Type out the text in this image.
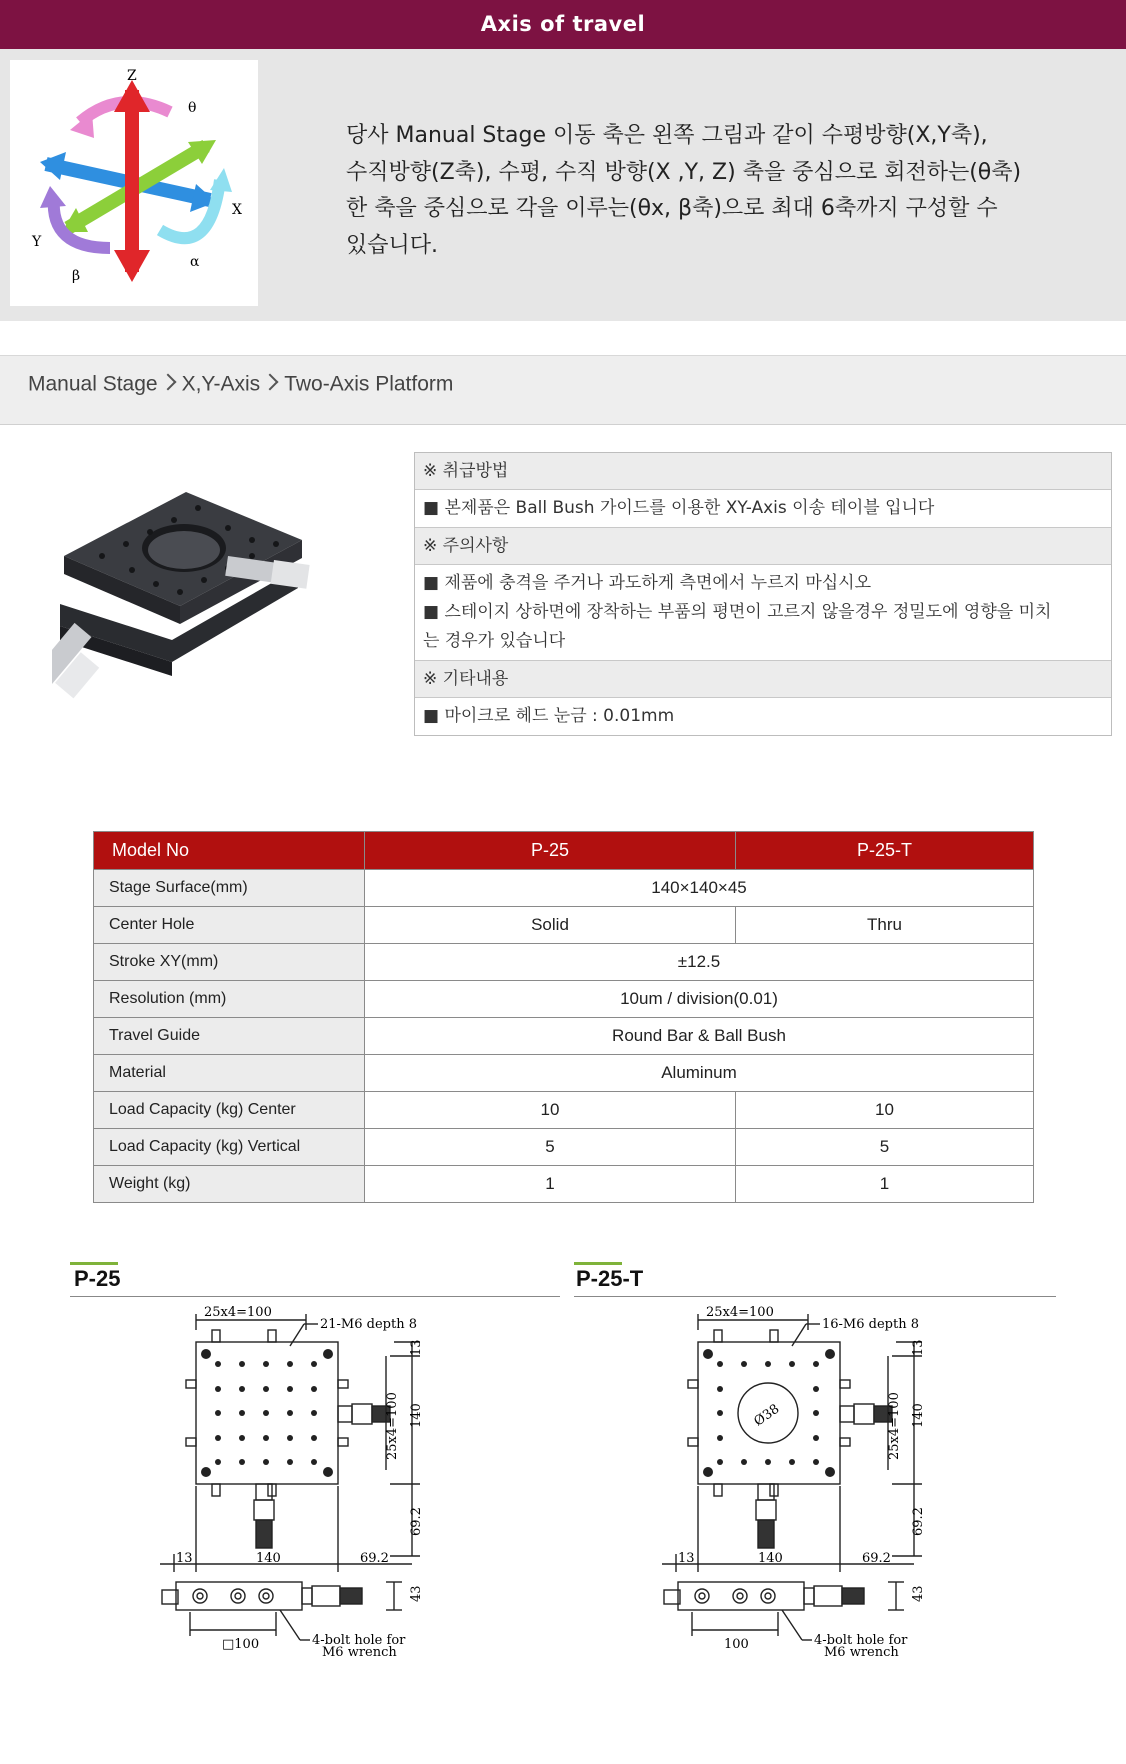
Axis of travel
Z
θ
X
Y
β
α
당사 Manual Stage 이동 축은 왼쪽 그림과 같이 수평방향(X,Y축),
수직방향(Z축), 수평, 수직 방향(X ,Y, Z) 축을 중심으로 회전하는(θ축)
한 축을 중심으로 각을 이루는(θx, β축)으로 최대 6축까지 구성할 수
있습니다.
Manual Stage X,Y-Axis Two-Axis Platform
※ 취급방법
■ 본제품은 Ball Bush 가이드를 이용한 XY-Axis 이송 테이블 입니다
※ 주의사항
■ 제품에 충격을 주거나 과도하게 측면에서 누르지 마십시오
■ 스테이지 상하면에 장착하는 부품의 평면이 고르지 않을경우 정밀도에 영향을 미치
는 경우가 있습니다
※ 기타내용
■ 마이크로 헤드 눈금 : 0.01mm
Model No	P-25	P-25-T
Stage Surface(mm)	140×140×45	
Center Hole	Solid	Thru
Stroke XY(mm)	±12.5	
Resolution (mm)	10um / division(0.01)	
Travel Guide	Round Bar & Ball Bush	
Material	Aluminum	
Load Capacity (kg) Center	10	10
Load Capacity (kg) Vertical	5	5
Weight (kg)	1	1
P-25	P-25-T
25x4=100
21-M6 depth 8
13
25x4=100 140
69.2
13	140	69.2
43
□100	4-bolt hole for
M6 wrench
Ø38
25x4=100
16-M6 depth 8
13
25x4=100 140
69.2
13	140	69.2
43
100	4-bolt hole for
M6 wrench
